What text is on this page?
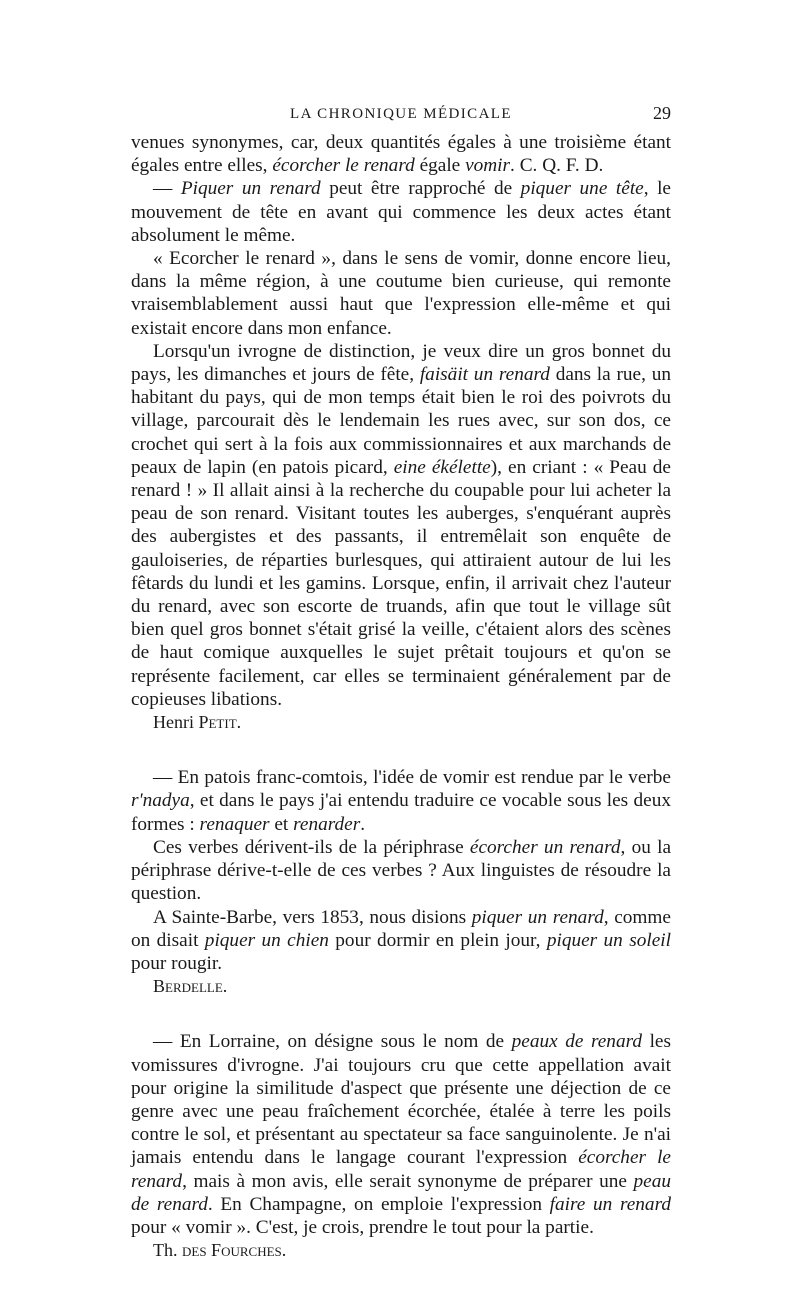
LA CHRONIQUE MÉDICALE	29

venues synonymes, car, deux quantités égales à une troisième étant égales entre elles, écorcher le renard égale vomir. C. Q. F. D.

— Piquer un renard peut être rapproché de piquer une tête, le mouvement de tête en avant qui commence les deux actes étant absolument le même.

« Ecorcher le renard », dans le sens de vomir, donne encore lieu, dans la même région, à une coutume bien curieuse, qui remonte vraisemblablement aussi haut que l'expression elle-même et qui existait encore dans mon enfance.

Lorsqu'un ivrogne de distinction, je veux dire un gros bonnet du pays, les dimanches et jours de fête, faisäit un renard dans la rue, un habitant du pays, qui de mon temps était bien le roi des poivrots du village, parcourait dès le lendemain les rues avec, sur son dos, ce crochet qui sert à la fois aux commissionnaires et aux marchands de peaux de lapin (en patois picard, eine ékélette), en criant : « Peau de renard ! » Il allait ainsi à la recherche du coupable pour lui acheter la peau de son renard. Visitant toutes les auberges, s'enquérant auprès des aubergistes et des passants, il entremêlait son enquête de gauloiseries, de réparties burlesques, qui attiraient autour de lui les fêtards du lundi et les gamins. Lorsque, enfin, il arrivait chez l'auteur du renard, avec son escorte de truands, afin que tout le village sût bien quel gros bonnet s'était grisé la veille, c'étaient alors des scènes de haut comique auxquelles le sujet prêtait toujours et qu'on se représente facilement, car elles se terminaient généralement par de copieuses libations.

Henri Petit.

— En patois franc-comtois, l'idée de vomir est rendue par le verbe r'nadya, et dans le pays j'ai entendu traduire ce vocable sous les deux formes : renaquer et renarder.

Ces verbes dérivent-ils de la périphrase écorcher un renard, ou la périphrase dérive-t-elle de ces verbes ? Aux linguistes de résoudre la question.

A Sainte-Barbe, vers 1853, nous disions piquer un renard, comme on disait piquer un chien pour dormir en plein jour, piquer un soleil pour rougir.

Berdelle.

— En Lorraine, on désigne sous le nom de peaux de renard les vomissures d'ivrogne. J'ai toujours cru que cette appellation avait pour origine la similitude d'aspect que présente une déjection de ce genre avec une peau fraîchement écorchée, étalée à terre les poils contre le sol, et présentant au spectateur sa face sanguinolente. Je n'ai jamais entendu dans le langage courant l'expression écorcher le renard, mais à mon avis, elle serait synonyme de préparer une peau de renard. En Champagne, on emploie l'expression faire un renard pour « vomir ». C'est, je crois, prendre le tout pour la partie.

Th. des Fourches.
